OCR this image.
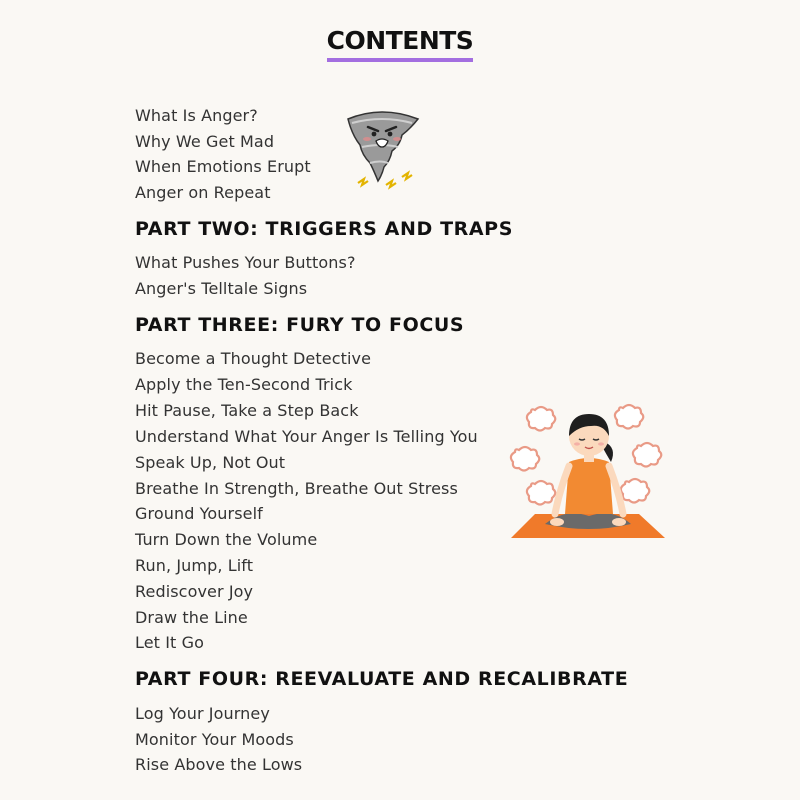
CONTENTS
What Is Anger?
Why We Get Mad
When Emotions Erupt
Anger on Repeat
PART TWO: TRIGGERS AND TRAPS
What Pushes Your Buttons?
Anger's Telltale Signs
PART THREE: FURY TO FOCUS
Become a Thought Detective
Apply the Ten-Second Trick
Hit Pause, Take a Step Back
Understand What Your Anger Is Telling You
Speak Up, Not Out
Breathe In Strength, Breathe Out Stress
Ground Yourself
Turn Down the Volume
Run, Jump, Lift
Rediscover Joy
Draw the Line
Let It Go
PART FOUR: REEVALUATE AND RECALIBRATE
Log Your Journey
Monitor Your Moods
Rise Above the Lows
